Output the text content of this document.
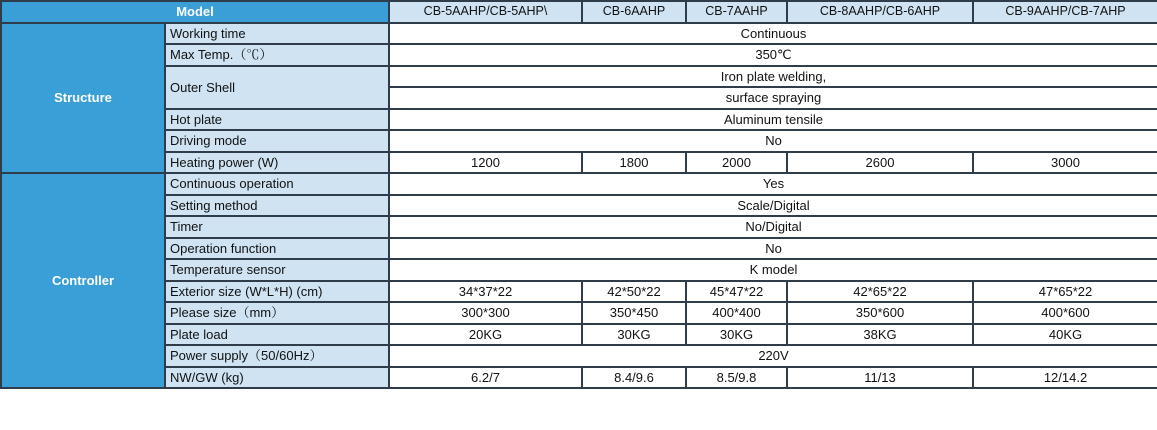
Model		CB-5AAHP/CB-5AHP\	CB-6AAHP	CB-7AAHP	CB-8AAHP/CB-6AHP	CB-9AAHP/CB-7AHP
Structure	Working time	Continuous				
	Max Temp.（℃）	350℃				
	Outer Shell	Iron plate welding,				
		surface spraying				
	Hot plate	Aluminum tensile				
	Driving mode	No				
	Heating power (W)	1200	1800	2000	2600	3000
Controller	Continuous operation	Yes				
	Setting method	Scale/Digital				
	Timer	No/Digital				
	Operation function	No				
	Temperature sensor	K model				
	Exterior size (W*L*H) (cm)	34*37*22	42*50*22	45*47*22	42*65*22	47*65*22
	Please size（mm）	300*300	350*450	400*400	350*600	400*600
	Plate load	20KG	30KG	30KG	38KG	40KG
	Power supply（50/60Hz）	220V				
	NW/GW (kg)	6.2/7	8.4/9.6	8.5/9.8	11/13	12/14.2
